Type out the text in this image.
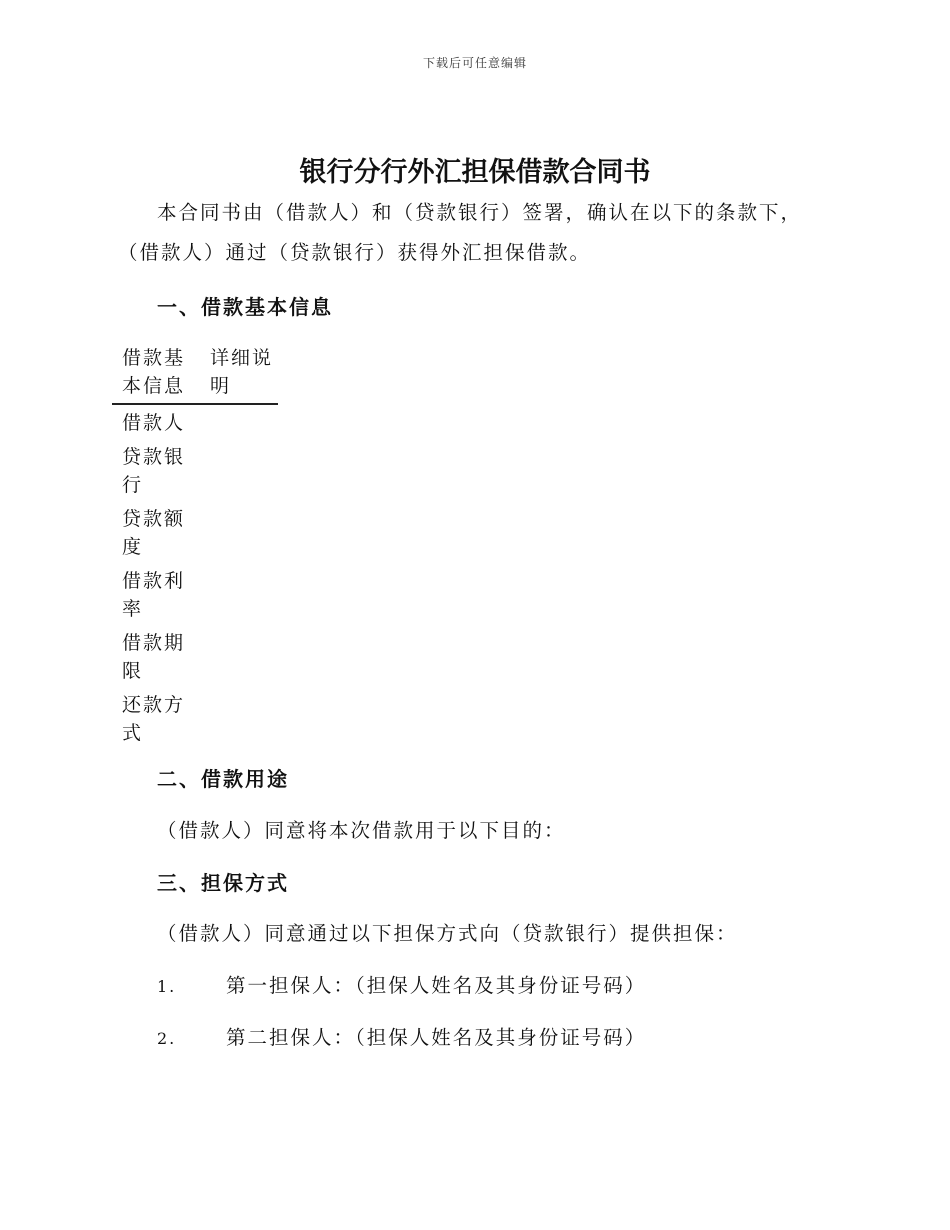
下载后可任意编辑
银行分行外汇担保借款合同书

本合同书由（借款人）和（贷款银行）签署，确认在以下的条款下，（借款人）通过（贷款银行）获得外汇担保借款。

一、借款基本信息
借款基本信息	详细说明
借款人	
贷款银行	
贷款额度	
借款利率	
借款期限	
还款方式	
二、借款用途

（借款人）同意将本次借款用于以下目的：

三、担保方式

（借款人）同意通过以下担保方式向（贷款银行）提供担保：

1.	第一担保人：（担保人姓名及其身份证号码）
2.	第二担保人：（担保人姓名及其身份证号码）
